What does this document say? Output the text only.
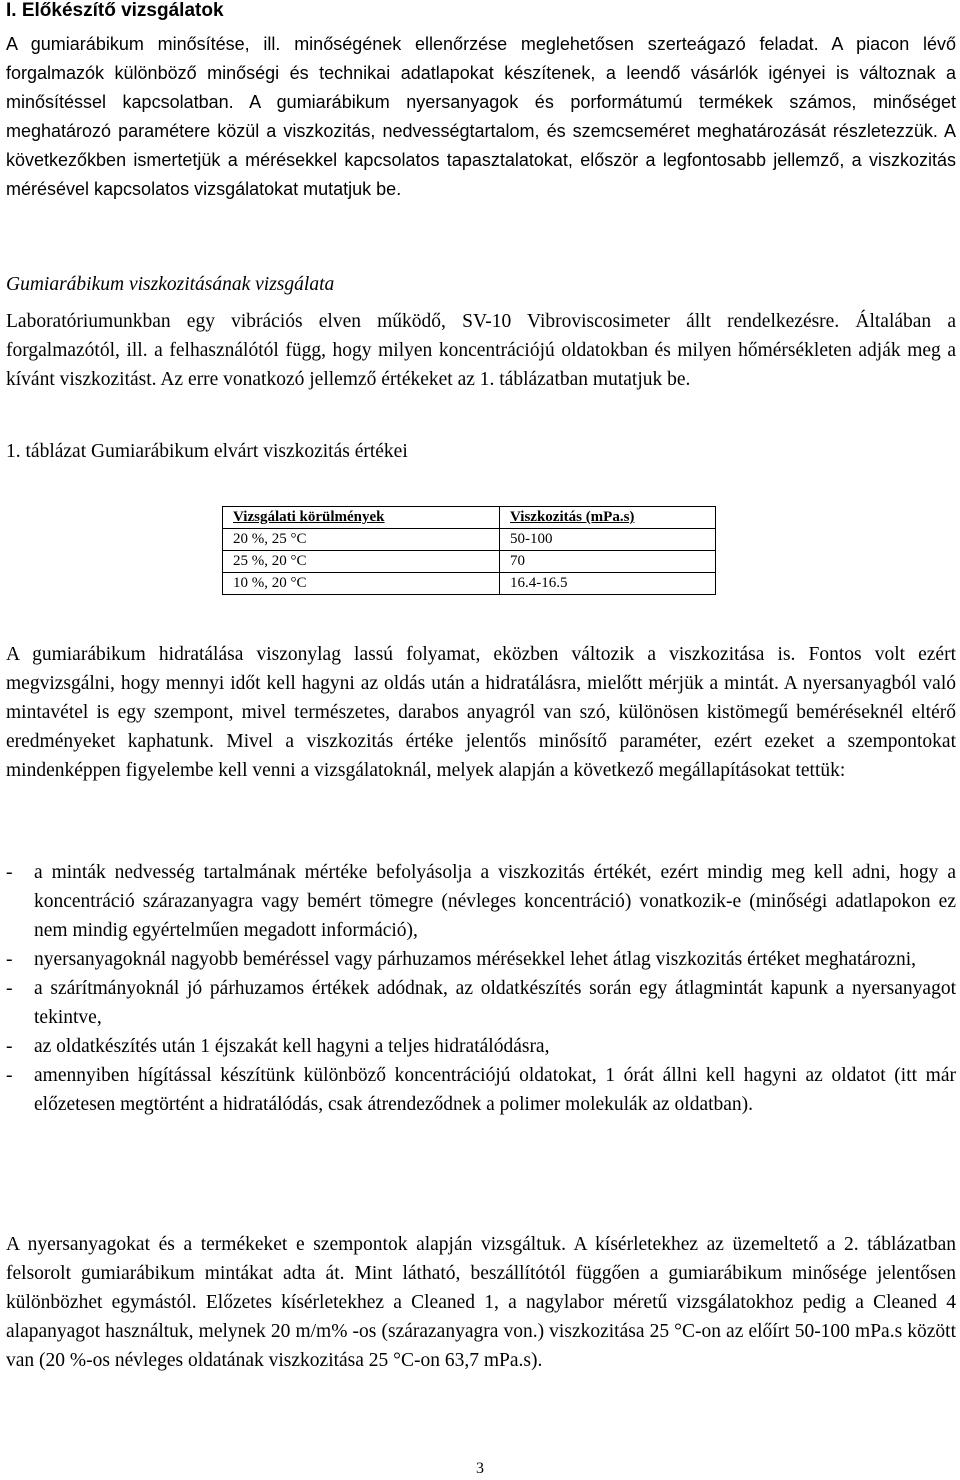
I. Előkészítő vizsgálatok

A gumiarábikum minősítése, ill. minőségének ellenőrzése meglehetősen szerteágazó feladat. A piacon lévő forgalmazók különböző minőségi és technikai adatlapokat készítenek, a leendő vásárlók igényei is változnak a minősítéssel kapcsolatban. A gumiarábikum nyersanyagok és porformátumú termékek számos, minőséget meghatározó paramétere közül a viszkozitás, nedvességtartalom, és szemcseméret meghatározását részletezzük. A következőkben ismertetjük a mérésekkel kapcsolatos tapasztalatokat, először a legfontosabb jellemző, a viszkozitás mérésével kapcsolatos vizsgálatokat mutatjuk be.

Gumiarábikum viszkozitásának vizsgálata

Laboratóriumunkban egy vibrációs elven működő, SV-10 Vibroviscosimeter állt rendelkezésre. Általában a forgalmazótól, ill. a felhasználótól függ, hogy milyen koncentrációjú oldatokban és milyen hőmérsékleten adják meg a kívánt viszkozitást. Az erre vonatkozó jellemző értékeket az 1. táblázatban mutatjuk be.

1. táblázat Gumiarábikum elvárt viszkozitás értékei

Vizsgálati körülmények	Viszkozitás (mPa.s)
20 %, 25 °C	50-100
25 %, 20 °C	70
10 %, 20 °C	16.4-16.5

A gumiarábikum hidratálása viszonylag lassú folyamat, eközben változik a viszkozitása is. Fontos volt ezért megvizsgálni, hogy mennyi időt kell hagyni az oldás után a hidratálásra, mielőtt mérjük a mintát. A nyersanyagból való mintavétel is egy szempont, mivel természetes, darabos anyagról van szó, különösen kistömegű beméréseknél eltérő eredményeket kaphatunk. Mivel a viszkozitás értéke jelentős minősítő paraméter, ezért ezeket a szempontokat mindenképpen figyelembe kell venni a vizsgálatoknál, melyek alapján a következő megállapításokat tettük:

- a minták nedvesség tartalmának mértéke befolyásolja a viszkozitás értékét, ezért mindig meg kell adni, hogy a koncentráció szárazanyagra vagy bemért tömegre (névleges koncentráció) vonatkozik-e (minőségi adatlapokon ez nem mindig egyértelműen megadott információ),
- nyersanyagoknál nagyobb beméréssel vagy párhuzamos mérésekkel lehet átlag viszkozitás értéket meghatározni,
- a szárítmányoknál jó párhuzamos értékek adódnak, az oldatkészítés során egy átlagmintát kapunk a nyersanyagot tekintve,
- az oldatkészítés után 1 éjszakát kell hagyni a teljes hidratálódásra,
- amennyiben hígítással készítünk különböző koncentrációjú oldatokat, 1 órát állni kell hagyni az oldatot (itt már előzetesen megtörtént a hidratálódás, csak átrendeződnek a polimer molekulák az oldatban).

A nyersanyagokat és a termékeket e szempontok alapján vizsgáltuk. A kísérletekhez az üzemeltető a 2. táblázatban felsorolt gumiarábikum mintákat adta át. Mint látható, beszállítótól függően a gumiarábikum minősége jelentősen különbözhet egymástól. Előzetes kísérletekhez a Cleaned 1, a nagylabor méretű vizsgálatokhoz pedig a Cleaned 4 alapanyagot használtuk, melynek 20 m/m% -os (szárazanyagra von.) viszkozitása 25 °C-on az előírt 50-100 mPa.s között van (20 %-os névleges oldatának viszkozitása 25 °C-on 63,7 mPa.s).

3
